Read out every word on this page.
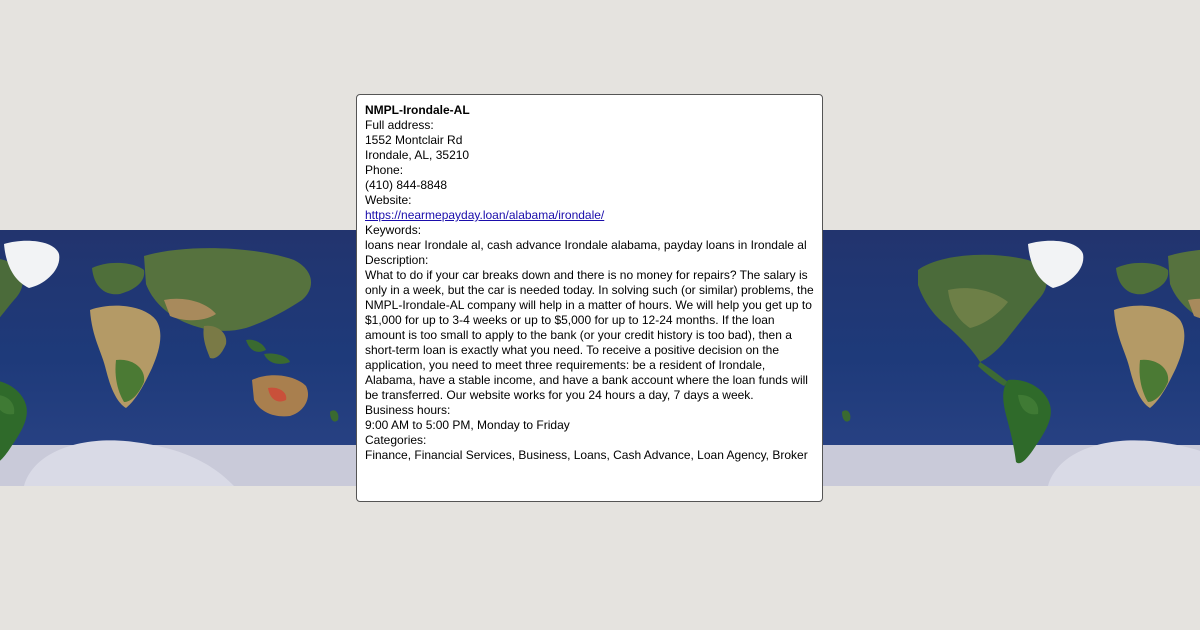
NMPL-Irondale-AL
Full address:
1552 Montclair Rd
Irondale, AL, 35210
Phone:
(410) 844-8848
Website:
https://nearmepayday.loan/alabama/irondale/
Keywords:
loans near Irondale al, cash advance Irondale alabama, payday loans in Irondale al
Description:
What to do if your car breaks down and there is no money for repairs? The salary is only in a week, but the car is needed today. In solving such (or similar) problems, the NMPL-Irondale-AL company will help in a matter of hours. We will help you get up to $1,000 for up to 3-4 weeks or up to $5,000 for up to 12-24 months. If the loan amount is too small to apply to the bank (or your credit history is too bad), then a short-term loan is exactly what you need. To receive a positive decision on the application, you need to meet three requirements: be a resident of Irondale, Alabama, have a stable income, and have a bank account where the loan funds will be transferred. Our website works for you 24 hours a day, 7 days a week.
Business hours:
9:00 AM to 5:00 PM, Monday to Friday
Categories:
Finance, Financial Services, Business, Loans, Cash Advance, Loan Agency, Broker
